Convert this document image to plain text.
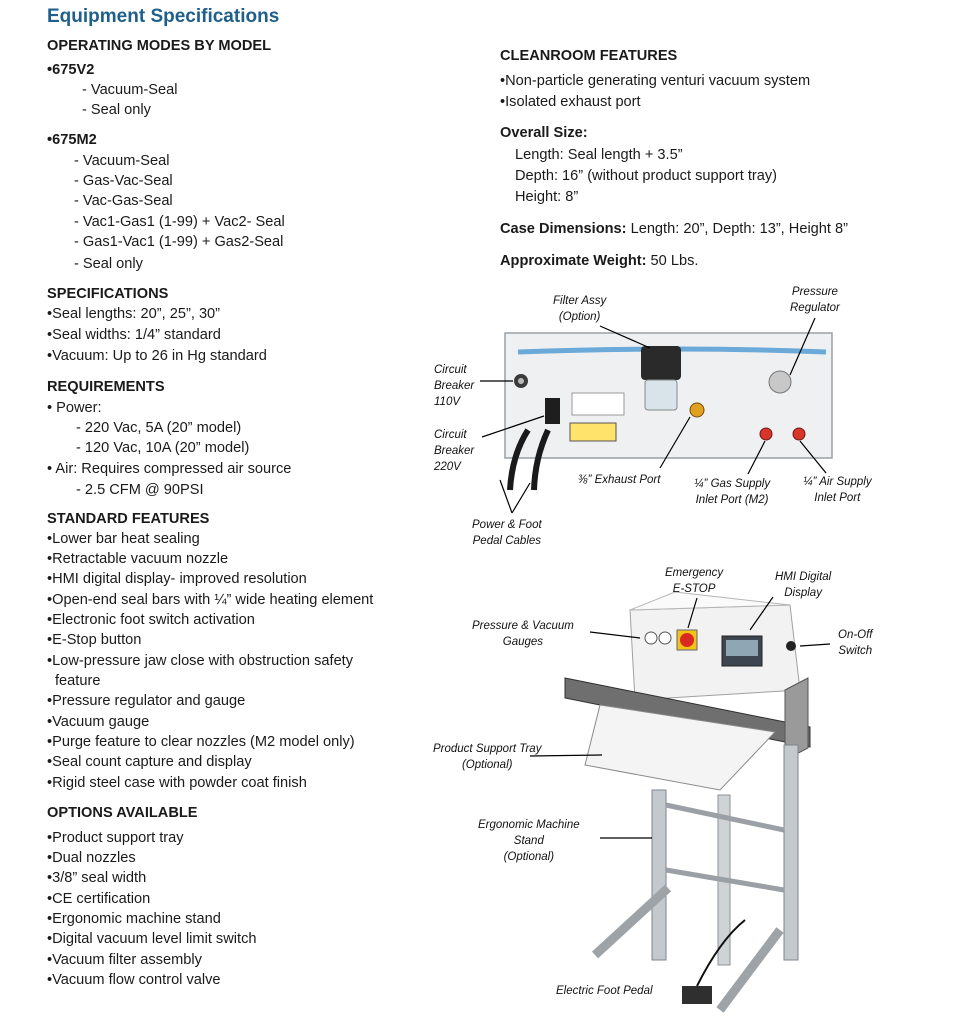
Equipment Specifications
OPERATING MODES BY MODEL
•675V2
- Vacuum-Seal
- Seal only
•675M2
- Vacuum-Seal
- Gas-Vac-Seal
- Vac-Gas-Seal
- Vac1-Gas1 (1-99) + Vac2- Seal
- Gas1-Vac1 (1-99) + Gas2-Seal
- Seal only
SPECIFICATIONS
•Seal lengths: 20”, 25”, 30”
•Seal widths: 1/4” standard
•Vacuum: Up to 26 in Hg standard
REQUIREMENTS
• Power:
- 220 Vac, 5A (20” model)
- 120 Vac, 10A (20” model)
• Air: Requires compressed air source
- 2.5 CFM @ 90PSI
STANDARD FEATURES
•Lower bar heat sealing
•Retractable vacuum nozzle
•HMI digital display- improved resolution
•Open-end seal bars with ¼” wide heating element
•Electronic foot switch activation
•E-Stop button
•Low-pressure jaw close with obstruction safety
feature
•Pressure regulator and gauge
•Vacuum gauge
•Purge feature to clear nozzles (M2 model only)
•Seal count capture and display
•Rigid steel case with powder coat finish
OPTIONS AVAILABLE
•Product support tray
•Dual nozzles
•3/8” seal width
•CE certification
•Ergonomic machine stand
•Digital vacuum level limit switch
•Vacuum filter assembly
•Vacuum flow control valve
CLEANROOM FEATURES
•Non-particle generating venturi vacuum system
•Isolated exhaust port
Overall Size:
Length: Seal length + 3.5”
Depth: 16” (without product support tray)
Height: 8”
Case Dimensions: Length: 20”, Depth: 13”, Height 8”
Approximate Weight: 50 Lbs.
Filter Assy
(Option)
Pressure
Regulator
Circuit
Breaker
110V
Circuit
Breaker
220V
⅜” Exhaust Port	¼” Gas Supply
Inlet Port (M2)
¼” Air Supply
Inlet Port
Power & Foot
Pedal Cables
Emergency
E-STOP
HMI Digital
Display
Pressure & Vacuum
Gauges
On-Off
Switch
Product Support Tray
(Optional)
Ergonomic Machine
Stand
(Optional)
Electric Foot Pedal
